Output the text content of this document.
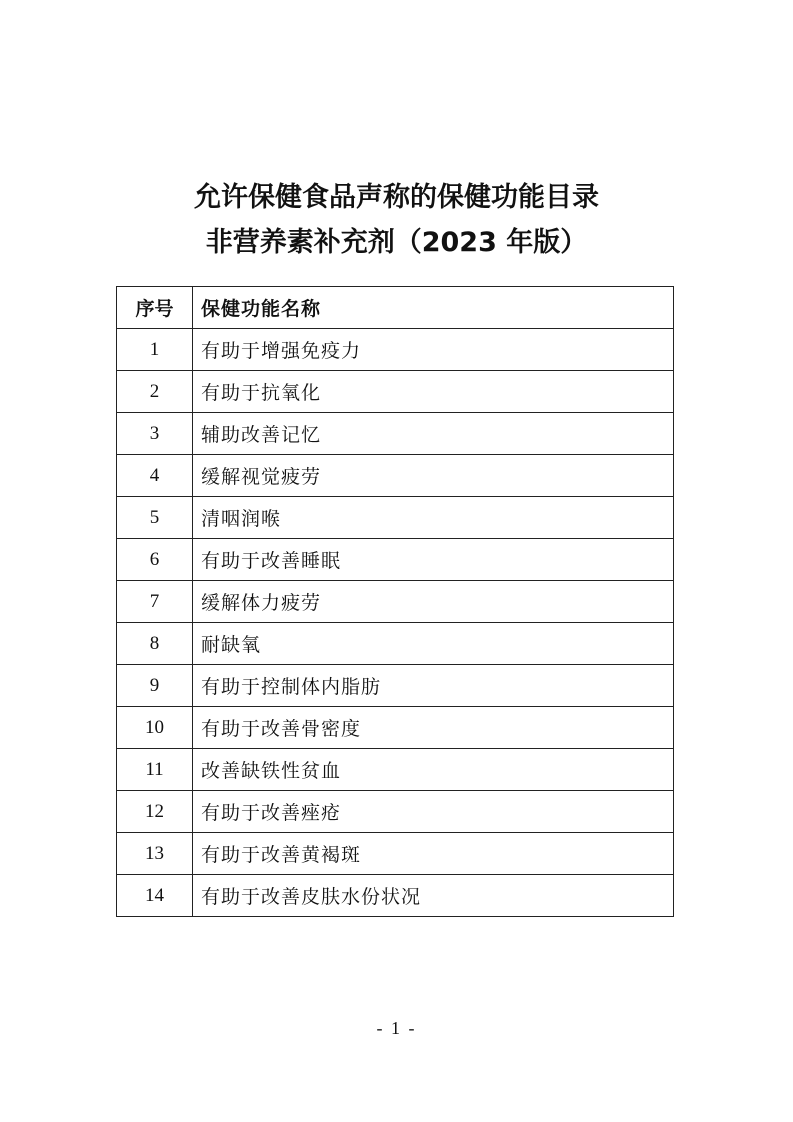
允许保健食品声称的保健功能目录
非营养素补充剂（2023 年版）
序号	保健功能名称
1	有助于增强免疫力
2	有助于抗氧化
3	辅助改善记忆
4	缓解视觉疲劳
5	清咽润喉
6	有助于改善睡眠
7	缓解体力疲劳
8	耐缺氧
9	有助于控制体内脂肪
10	有助于改善骨密度
11	改善缺铁性贫血
12	有助于改善痤疮
13	有助于改善黄褐斑
14	有助于改善皮肤水份状况
- 1 -
